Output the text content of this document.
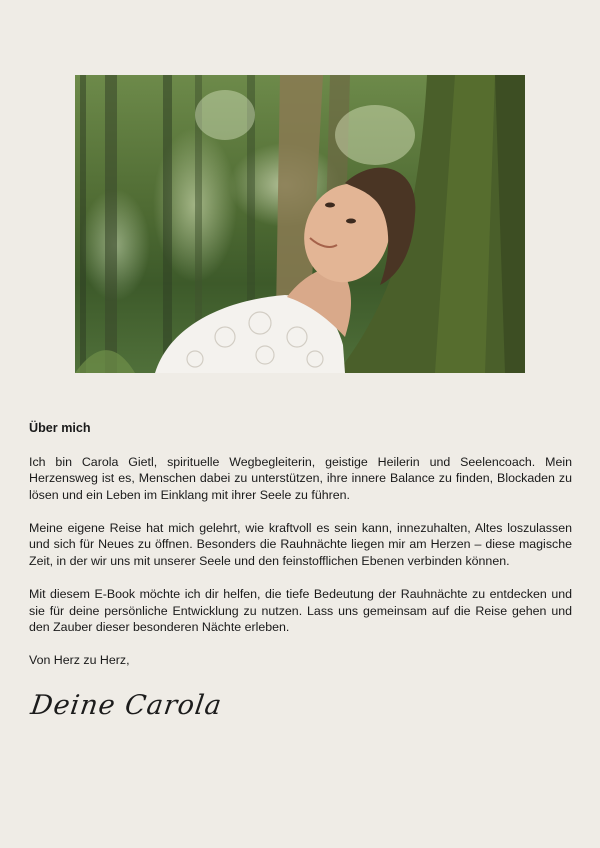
Über mich

Ich bin Carola Gietl, spirituelle Wegbegleiterin, geistige Heilerin und Seelencoach. Mein Herzensweg ist es, Menschen dabei zu unterstützen, ihre innere Balance zu finden, Blockaden zu lösen und ein Leben im Einklang mit ihrer Seele zu führen.

Meine eigene Reise hat mich gelehrt, wie kraftvoll es sein kann, innezuhalten, Altes loszulassen und sich für Neues zu öffnen. Besonders die Rauhnächte liegen mir am Herzen – diese magische Zeit, in der wir uns mit unserer Seele und den feinstofflichen Ebenen verbinden können.

Mit diesem E-Book möchte ich dir helfen, die tiefe Bedeutung der Rauhnächte zu entdecken und sie für deine persönliche Entwicklung zu nutzen. Lass uns gemeinsam auf die Reise gehen und den Zauber dieser besonderen Nächte erleben.

Von Herz zu Herz,

Deine Carola
